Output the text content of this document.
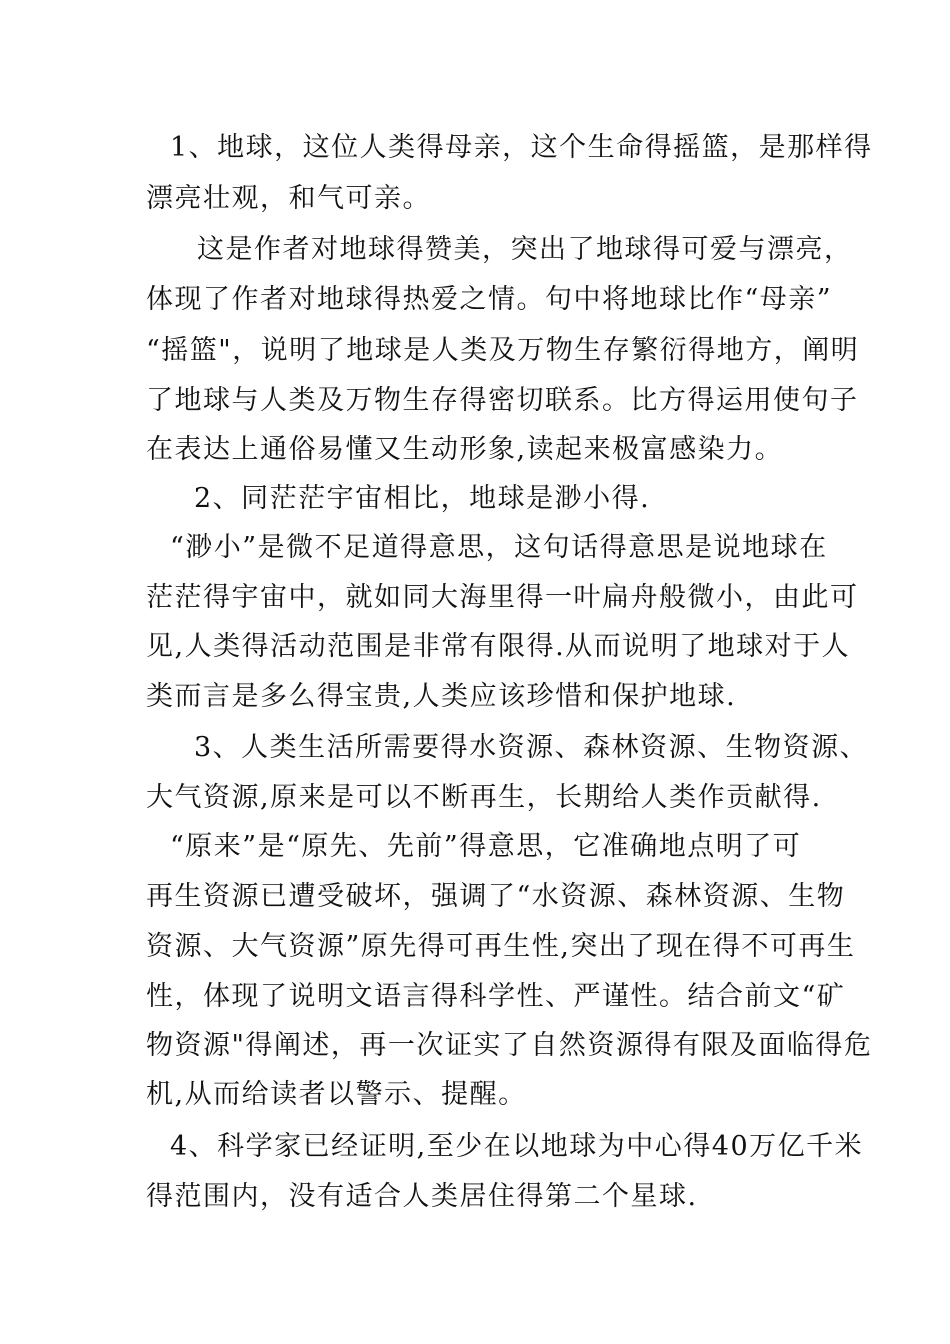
1、地球，这位人类得母亲，这个生命得摇篮，是那样得
漂亮壮观，和气可亲。
这是作者对地球得赞美，突出了地球得可爱与漂亮，
体现了作者对地球得热爱之情。句中将地球比作“母亲”
“摇篮"，说明了地球是人类及万物生存繁衍得地方，阐明
了地球与人类及万物生存得密切联系。比方得运用使句子
在表达上通俗易懂又生动形象,读起来极富感染力。
2、同茫茫宇宙相比，地球是渺小得.
“渺小”是微不足道得意思，这句话得意思是说地球在
茫茫得宇宙中，就如同大海里得一叶扁舟般微小，由此可
见,人类得活动范围是非常有限得.从而说明了地球对于人
类而言是多么得宝贵,人类应该珍惜和保护地球.
3、人类生活所需要得水资源、森林资源、生物资源、
大气资源,原来是可以不断再生，长期给人类作贡献得.
“原来”是“原先、先前”得意思，它准确地点明了可
再生资源已遭受破坏，强调了“水资源、森林资源、生物
资源、大气资源”原先得可再生性,突出了现在得不可再生
性，体现了说明文语言得科学性、严谨性。结合前文“矿
物资源"得阐述，再一次证实了自然资源得有限及面临得危
机,从而给读者以警示、提醒。
4、科学家已经证明,至少在以地球为中心得40万亿千米
得范围内，没有适合人类居住得第二个星球.
